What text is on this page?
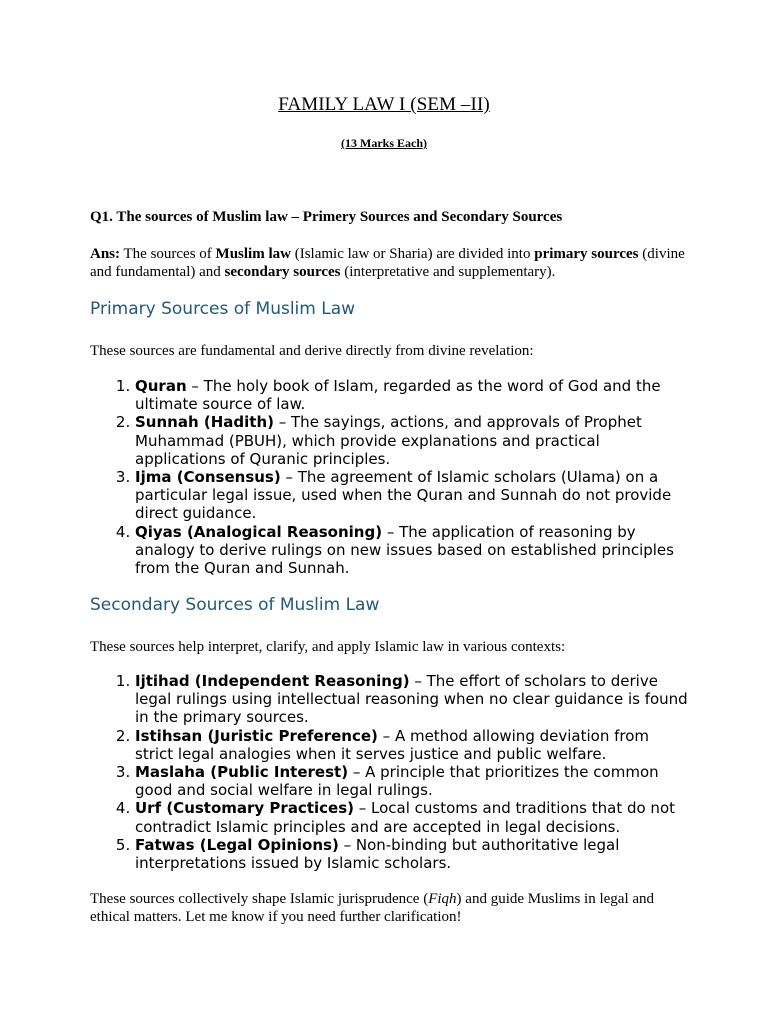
FAMILY LAW I (SEM –II)
(13 Marks Each)
Q1. The sources of Muslim law – Primery Sources and Secondary Sources
Ans: The sources of Muslim law (Islamic law or Sharia) are divided into primary sources (divine and fundamental) and secondary sources (interpretative and supplementary).
Primary Sources of Muslim Law
These sources are fundamental and derive directly from divine revelation:
1. Quran – The holy book of Islam, regarded as the word of God and the ultimate source of law.
2. Sunnah (Hadith) – The sayings, actions, and approvals of Prophet Muhammad (PBUH), which provide explanations and practical applications of Quranic principles.
3. Ijma (Consensus) – The agreement of Islamic scholars (Ulama) on a particular legal issue, used when the Quran and Sunnah do not provide direct guidance.
4. Qiyas (Analogical Reasoning) – The application of reasoning by analogy to derive rulings on new issues based on established principles from the Quran and Sunnah.
Secondary Sources of Muslim Law
These sources help interpret, clarify, and apply Islamic law in various contexts:
1. Ijtihad (Independent Reasoning) – The effort of scholars to derive legal rulings using intellectual reasoning when no clear guidance is found in the primary sources.
2. Istihsan (Juristic Preference) – A method allowing deviation from strict legal analogies when it serves justice and public welfare.
3. Maslaha (Public Interest) – A principle that prioritizes the common good and social welfare in legal rulings.
4. Urf (Customary Practices) – Local customs and traditions that do not contradict Islamic principles and are accepted in legal decisions.
5. Fatwas (Legal Opinions) – Non-binding but authoritative legal interpretations issued by Islamic scholars.
These sources collectively shape Islamic jurisprudence (Fiqh) and guide Muslims in legal and ethical matters. Let me know if you need further clarification!
